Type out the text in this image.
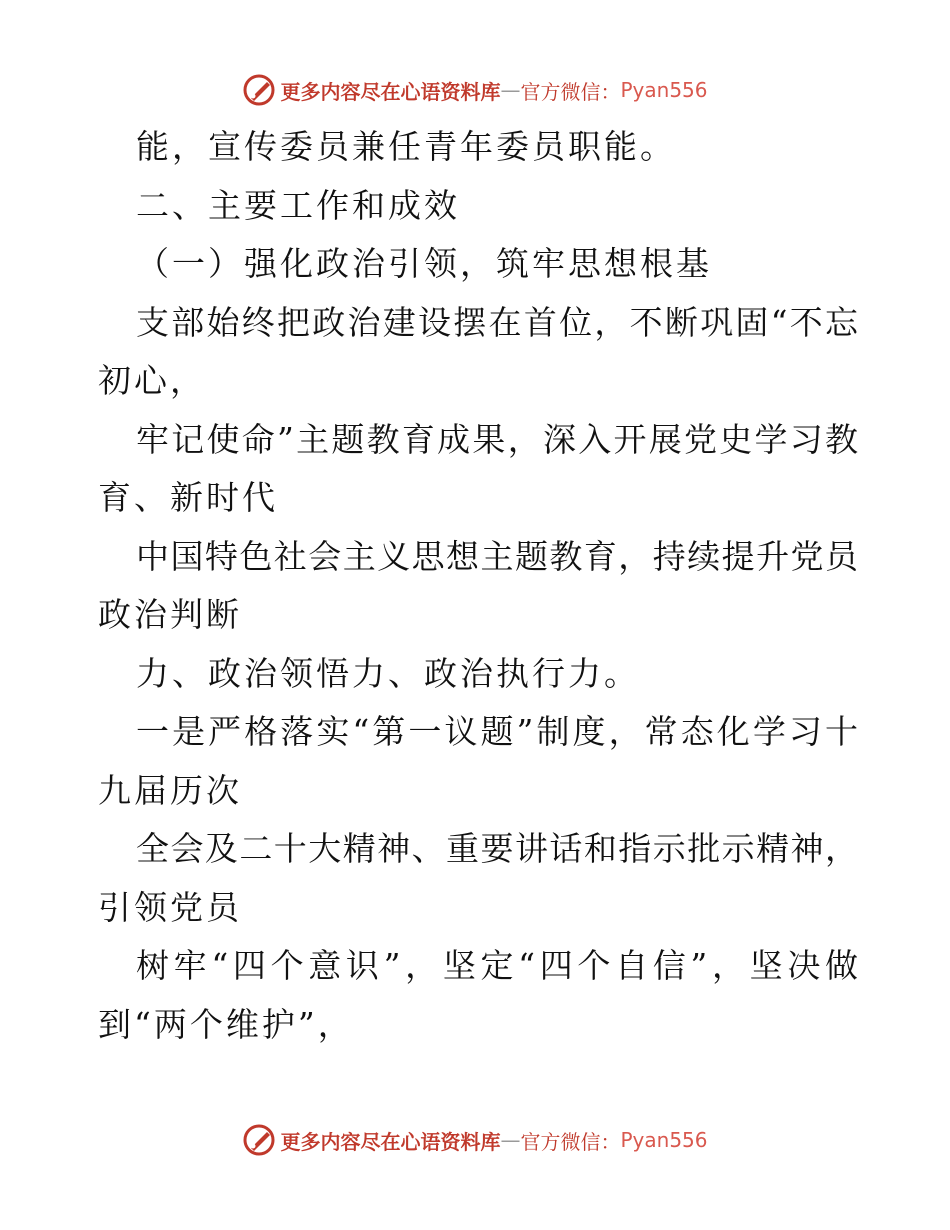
更多内容尽在心语资料库 — 官方微信： Pyan556
能，宣传委员兼任青年委员职能。
二、主要工作和成效
（一）强化政治引领，筑牢思想根基
支部始终把政治建设摆在首位，不断巩固“不忘
初心，
牢记使命”主题教育成果，深入开展党史学习教
育、新时代
中国特色社会主义思想主题教育，持续提升党员
政治判断
力、政治领悟力、政治执行力。
一是严格落实“第一议题”制度，常态化学习十
九届历次
全会及二十大精神、重要讲话和指示批示精神，
引领党员
树牢“四个意识”，坚定“四个自信”，坚决做
到“两个维护”，
更多内容尽在心语资料库 — 官方微信： Pyan556
